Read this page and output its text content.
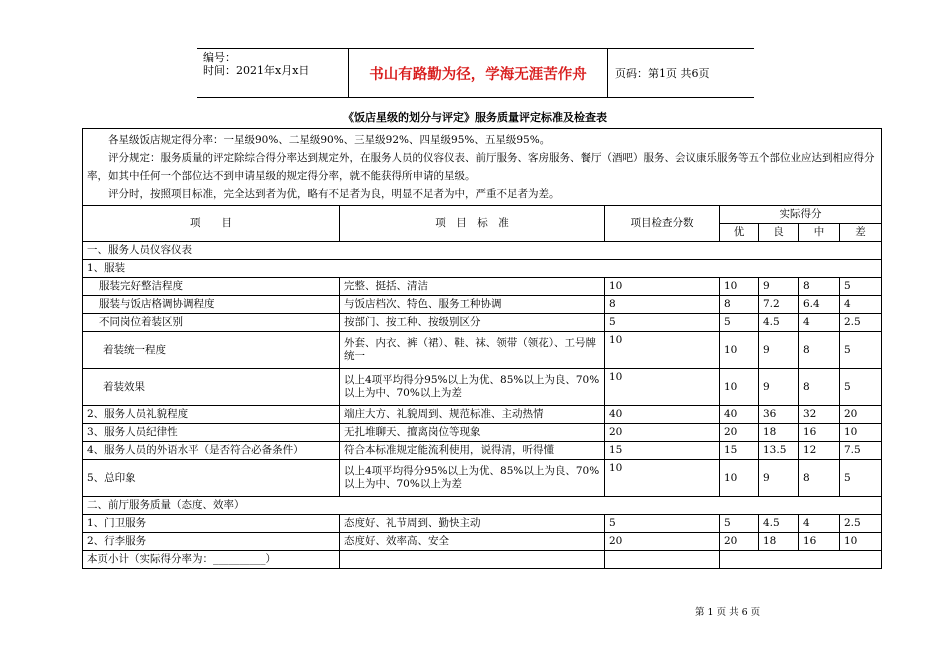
编号：
时间：2021年x月x日	书山有路勤为径，学海无涯苦作舟	页码：第1页 共6页
《饭店星级的划分与评定》服务质量评定标准及检查表

各星级饭店规定得分率：一星级90%、二星级90%、三星级92%、四星级95%、五星级95%。

评分规定：服务质量的评定除综合得分率达到规定外，在服务人员的仪容仪表、前厅服务、客房服务、餐厅（酒吧）服务、会议康乐服务等五个部位业应达到相应得分率，如其中任何一个部位达不到申请星级的规定得分率，就不能获得所申请的星级。

评分时，按照项目标准，完全达到者为优，略有不足者为良，明显不足者为中，严重不足者为差。						

项　　目	项　目　标　准	项目检查分数	实际得分			
			优	良	中	差
一、服务人员仪容仪表						
1、服装						
服装完好整洁程度	完整、挺括、清洁	10	10	9	8	5
服装与饭店格调协调程度	与饭店档次、特色、服务工种协调	8	8	7.2	6.4	4
不同岗位着装区别	按部门、按工种、按级别区分	5	5	4.5	4	2.5
着装统一程度	外套、内衣、裤（裙）、鞋、袜、领带（领花）、工号牌统一	10	10	9	8	5
着装效果	以上4项平均得分95%以上为优、85%以上为良、70%以上为中、70%以上为差	10	10	9	8	5
2、服务人员礼貌程度	端庄大方、礼貌周到、规范标准、主动热情	40	40	36	32	20
3、服务人员纪律性	无扎堆聊天、擅离岗位等现象	20	20	18	16	10
4、服务人员的外语水平（是否符合必备条件）	符合本标准规定能流利使用，说得清，听得懂	15	15	13.5	12	7.5
5、总印象	以上4项平均得分95%以上为优、85%以上为良、70%以上为中、70%以上为差	10	10	9	8	5
二、前厅服务质量（态度、效率）						
1、门卫服务	态度好、礼节周到、勤快主动	5	5	4.5	4	2.5
2、行李服务	态度好、效率高、安全	20	20	18	16	10
本页小计（实际得分率为：__________）						
第 1 页 共 6 页
